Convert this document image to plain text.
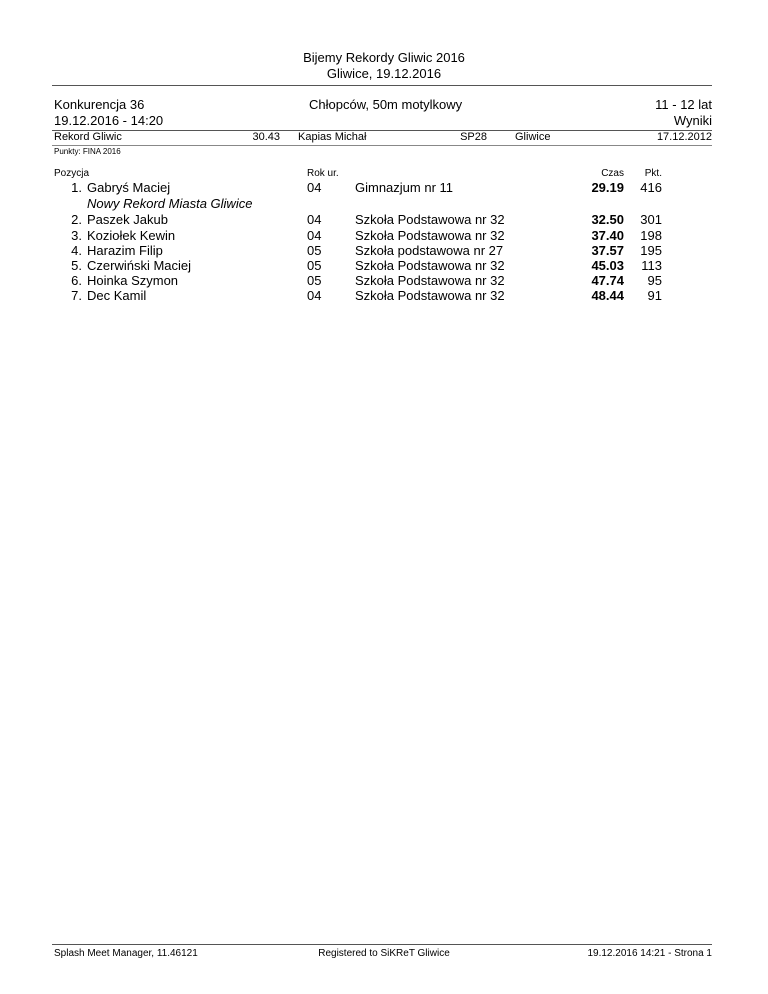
Bijemy Rekordy Gliwic 2016
Gliwice, 19.12.2016
Konkurencja 36
19.12.2016 - 14:20
Chłopców, 50m motylkowy	11 - 12 lat
Wyniki
Rekord Gliwic	30.43 Kapias Michał	SP28	Gliwice	17.12.2012
Punkty: FINA 2016
Pozycja	Rok ur.	Czas Pkt.
1. Gabryś Maciej	04	Gimnazjum nr 11	29.19 416
Nowy Rekord Miasta Gliwice
2. Paszek Jakub	04	Szkoła Podstawowa nr 32	32.50 301
3. Koziołek Kewin	04	Szkoła Podstawowa nr 32	37.40 198
4. Harazim Filip	05	Szkoła podstawowa nr 27	37.57 195
5. Czerwiński Maciej	05	Szkoła Podstawowa nr 32	45.03 113
6. Hoinka Szymon	05	Szkoła Podstawowa nr 32	47.74 95
7. Dec Kamil	04	Szkoła Podstawowa nr 32	48.44 91
Splash Meet Manager, 11.46121	Registered to SiKReT Gliwice	19.12.2016 14:21 - Strona 1
